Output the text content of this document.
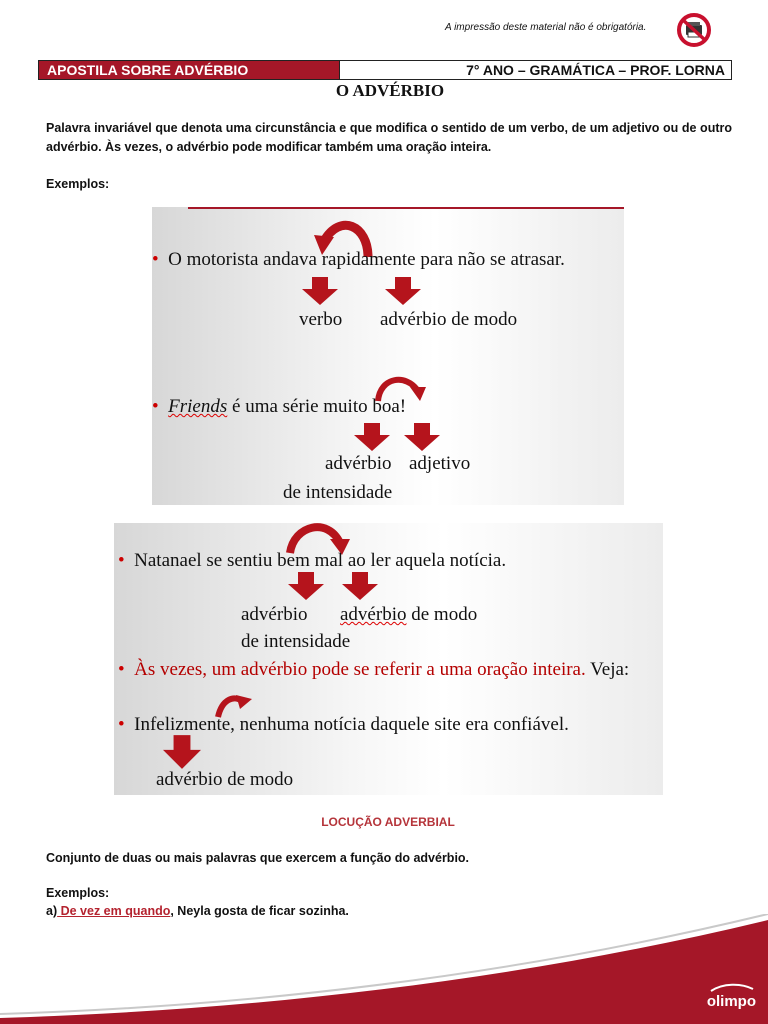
A impressão deste material não é obrigatória.
APOSTILA SOBRE ADVÉRBIO	7° ANO – GRAMÁTICA – PROF. LORNA
O ADVÉRBIO
Palavra invariável que denota uma circunstância e que modifica o sentido de um verbo, de um adjetivo ou de outro advérbio. Às vezes, o advérbio pode modificar também uma oração inteira.
Exemplos:
• O motorista andava rapidamente para não se atrasar.
verbo advérbio de modo
• Friends é uma série muito boa!
advérbio adjetivo
de intensidade
• Natanael se sentiu bem mal ao ler aquela notícia.
advérbio advérbio de modo
de intensidade
• Às vezes, um advérbio pode se referir a uma oração inteira. Veja:
• Infelizmente, nenhuma notícia daquele site era confiável.
advérbio de modo
LOCUÇÃO ADVERBIAL
Conjunto de duas ou mais palavras que exercem a função do advérbio.
Exemplos:
a) De vez em quando, Neyla gosta de ficar sozinha.
olimpo
